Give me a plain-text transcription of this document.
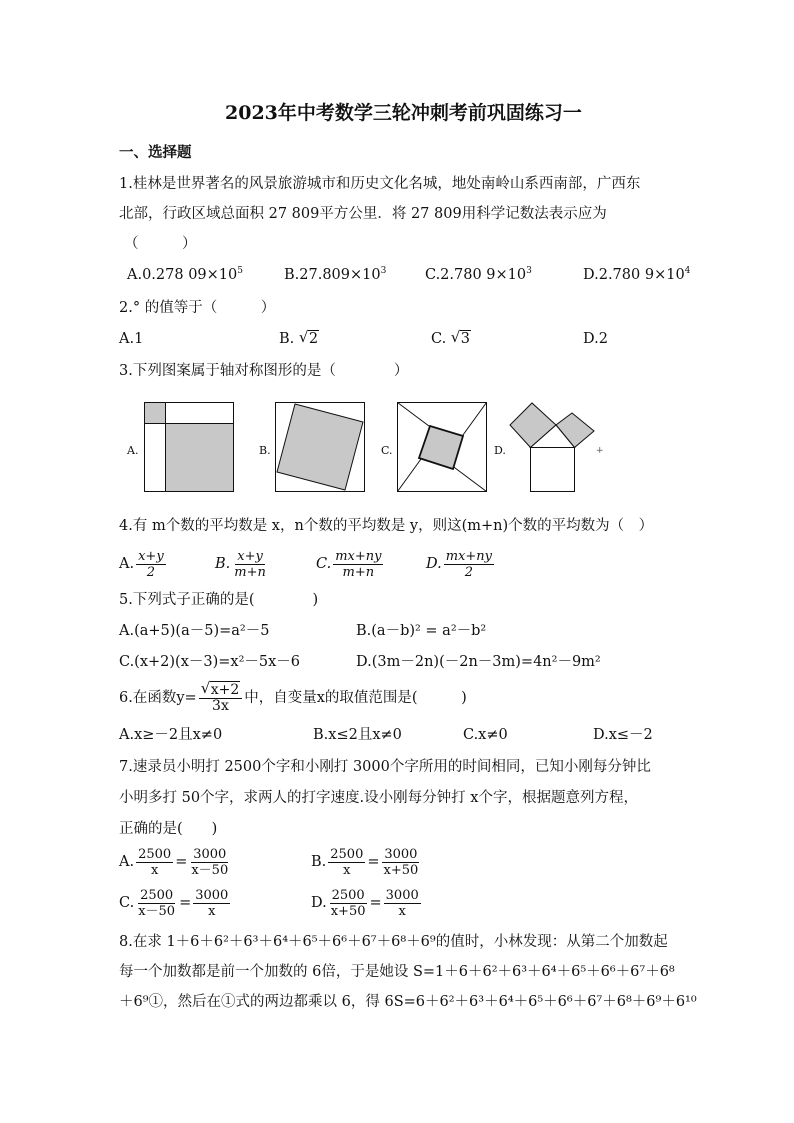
2023年中考数学三轮冲刺考前巩固练习一
一、选择题
1.桂林是世界著名的风景旅游城市和历史文化名城，地处南岭山系西南部，广西东
北部，行政区域总面积 27 809平方公里．将 27 809用科学记数法表示应为
（　　　）
A.0.278 $09\times 10^5$	$B.27.809\times 10^3$	C.2.780 $9\times 10^3$	D.2.780 $9\times 10^4$
2.° 的值等于（　　　）
A.1	B. √ 2	C. √ 3	D.2
3.下列图案属于轴对称图形的是（　　　　）
A.	B.	C.	D.	+
4.有 m个数的平均数是 x，n个数的平均数是 y，则这(m+n)个数的平均数为（　）
A. $\frac{x+y}{2}$	B. $\frac{x+y}{m+n}$	C. $\frac{mx+ny}{m+n}$	D. $\frac{mx+ny}{2}$
5.下列式子正确的是(　　　　)
A.(a+5)(a－5)=a²－5	B.(a－b)² = a²－b²
C.(x+2)(x－3)=x²－5x－6	D.(3m－2n)(－2n－3m)=4n²－9m²
6.在函数$y= \frac{√ x+2}{3x}$ 中，自变量x的取值范围是(　　　)
A.x≥－2且x≠0	B.x≤2且x≠0	C.x≠0	D.x≤－2
7.速录员小明打 2500个字和小刚打 3000个字所用的时间相同，已知小刚每分钟比
小明多打 50个字，求两人的打字速度.设小刚每分钟打 x个字，根据题意列方程，
正确的是(　　)
A. $\frac{2500}{x} = \frac{3000}{x-50}$	B. $\frac{2500}{x} = \frac{3000}{x+50}$
C. $\frac{2500}{x-50} = \frac{3000}{x}$	D. $\frac{2500}{x+50} = \frac{3000}{x}$
8.在求 1＋6＋6²＋6³＋6⁴＋6⁵＋6⁶＋6⁷＋6⁸＋6⁹的值时，小林发现：从第二个加数起
每一个加数都是前一个加数的 6倍，于是她设 S=1＋6＋6²＋6³＋6⁴＋6⁵＋6⁶＋6⁷＋6⁸
＋6⁹①，然后在①式的两边都乘以 6，得 6S=6＋6²＋6³＋6⁴＋6⁵＋6⁶＋6⁷＋6⁸＋6⁹＋6¹⁰
